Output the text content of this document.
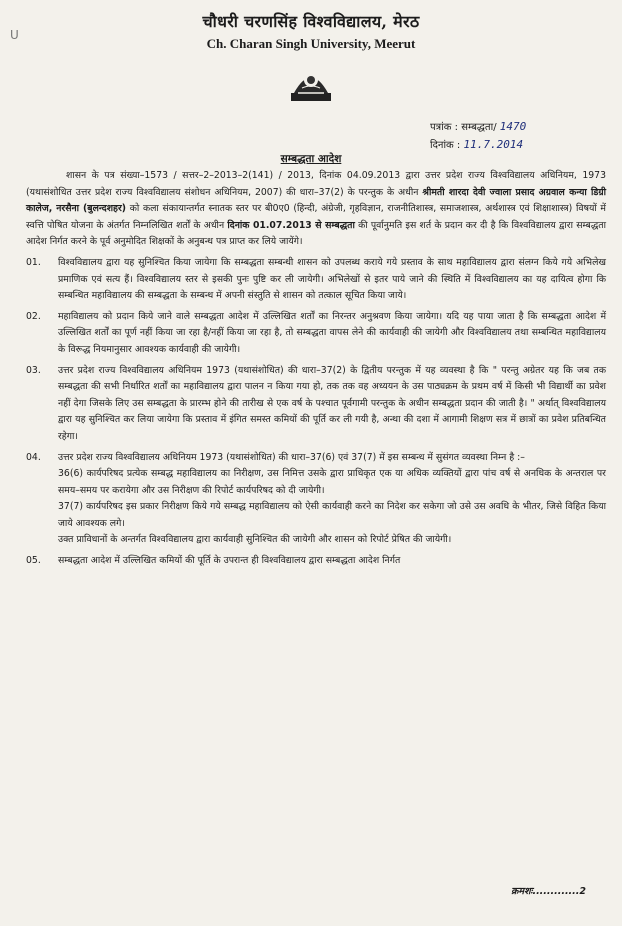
U
चौधरी चरणसिंह विश्वविद्यालय, मेरठ
Ch. Charan Singh University, Meerut
पत्रांक : सम्बद्धता/ 1470
दिनांक : 11.7.2014
सम्बद्धता आदेश

शासन के पत्र संख्या–1573 / सत्तर–2–2013–2(141) / 2013, दिनांक 04.09.2013 द्वारा उत्तर प्रदेश राज्य विश्वविद्यालय अधिनियम, 1973 (यथासंशोधित उत्तर प्रदेश राज्य विश्वविद्यालय संशोधन अधिनियम, 2007) की धारा–37(2) के परन्तुक के अधीन श्रीमती शारदा देवी ज्वाला प्रसाद अग्रवाल कन्या डिग्री कालेज, नरसैना (बुलन्दशहर) को कला संकायान्तर्गत स्नातक स्तर पर बी0ए0 (हिन्दी, अंग्रेजी, गृहविज्ञान, राजनीतिशास्त्र, समाजशास्त्र, अर्थशास्त्र एवं शिक्षाशास्त्र) विषयों में स्वत्ति पोषित योजना के अंतर्गत निम्नलिखित शर्तों के अधीन दिनांक 01.07.2013 से सम्बद्धता की पूर्वानुमति इस शर्त के प्रदान कर दी है कि विश्वविद्यालय द्वारा सम्बद्धता आदेश निर्गत करने के पूर्व अनुमोदित शिक्षकों के अनुबन्ध पत्र प्राप्त कर लिये जायेंगे।

01.	विश्वविद्यालय द्वारा यह सुनिश्चित किया जायेगा कि सम्बद्धता सम्बन्धी शासन को उपलब्ध कराये गये प्रस्ताव के साथ महाविद्यालय द्वारा संलग्न किये गये अभिलेख प्रमाणिक एवं सत्य हैं। विश्वविद्यालय स्तर से इसकी पुनः पुष्टि कर ली जायेगी। अभिलेखों से इतर पाये जाने की स्थिति में विश्वविद्यालय का यह दायित्व होगा कि सम्बन्धित महाविद्यालय की सम्बद्धता के सम्बन्ध में अपनी संस्तुति से शासन को तत्काल सूचित किया जाये।

02.	महाविद्यालय को प्रदान किये जाने वाले सम्बद्धता आदेश में उल्लिखित शर्तों का निरन्तर अनुश्रवण किया जायेगा। यदि यह पाया जाता है कि सम्बद्धता आदेश में उल्लिखित शर्तों का पूर्ण नहीं किया जा रहा है/नहीं किया जा रहा है, तो सम्बद्धता वापस लेने की कार्यवाही की जायेगी और विश्वविद्यालय तथा सम्बन्धित महाविद्यालय के विरूद्ध नियमानुसार आवश्यक कार्यवाही की जायेगी।

03.	उत्तर प्रदेश राज्य विश्वविद्यालय अधिनियम 1973 (यथासंशोधित) की धारा–37(2) के द्वितीय परन्तुक में यह व्यवस्था है कि " परन्तु अग्रेतर यह कि जब तक सम्बद्धता की सभी निर्धारित शर्तों का महाविद्यालय द्वारा पालन न किया गया हो, तक तक वह अध्ययन के उस पाठ्यक्रम के प्रथम वर्ष में किसी भी विद्यार्थी का प्रवेश नहीं देगा जिसके लिए उस सम्बद्धता के प्रारम्भ होने की तारीख से एक वर्ष के पश्चात पूर्वगामी परन्तुक के अधीन सम्बद्धता प्रदान की जाती है। " अर्थात् विश्वविद्यालय द्वारा यह सुनिश्चित कर लिया जायेगा कि प्रस्ताव में इंगित समस्त कमियों की पूर्ति कर ली गयी है, अन्था की दशा में आगामी शिक्षण सत्र में छात्रों का प्रवेश प्रतिबन्धित रहेगा।

04.	उत्तर प्रदेश राज्य विश्वविद्यालय अधिनियम 1973 (यथासंशोधित) की धारा–37(6) एवं 37(7) में इस सम्बन्ध में सुसंगत व्यवस्था निम्न है :–

36(6) कार्यपरिषद प्रत्येक सम्बद्ध महाविद्यालय का निरीक्षण, उस निमित्त उसके द्वारा प्राधिकृत एक या अधिक व्यक्तियों द्वारा पांच वर्ष से अनधिक के अन्तराल पर समय–समय पर करायेगा और उस निरीक्षण की रिपोर्ट कार्यपरिषद को दी जायेगी।

37(7) कार्यपरिषद इस प्रकार निरीक्षण किये गये सम्बद्ध महाविद्यालय को ऐसी कार्यवाही करने का निदेश कर सकेगा जो उसे उस अवधि के भीतर, जिसे विहित किया जाये आवश्यक लगे।

उक्त प्राविधानों के अन्तर्गत विश्वविद्यालय द्वारा कार्यवाही सुनिश्चित की जायेगी और शासन को रिपोर्ट प्रेषित की जायेगी।

05.	सम्बद्धता आदेश में उल्लिखित कमियों की पूर्ति के उपरान्त ही विश्वविद्यालय द्वारा सम्बद्धता आदेश निर्गत

क्रमशः.............2
